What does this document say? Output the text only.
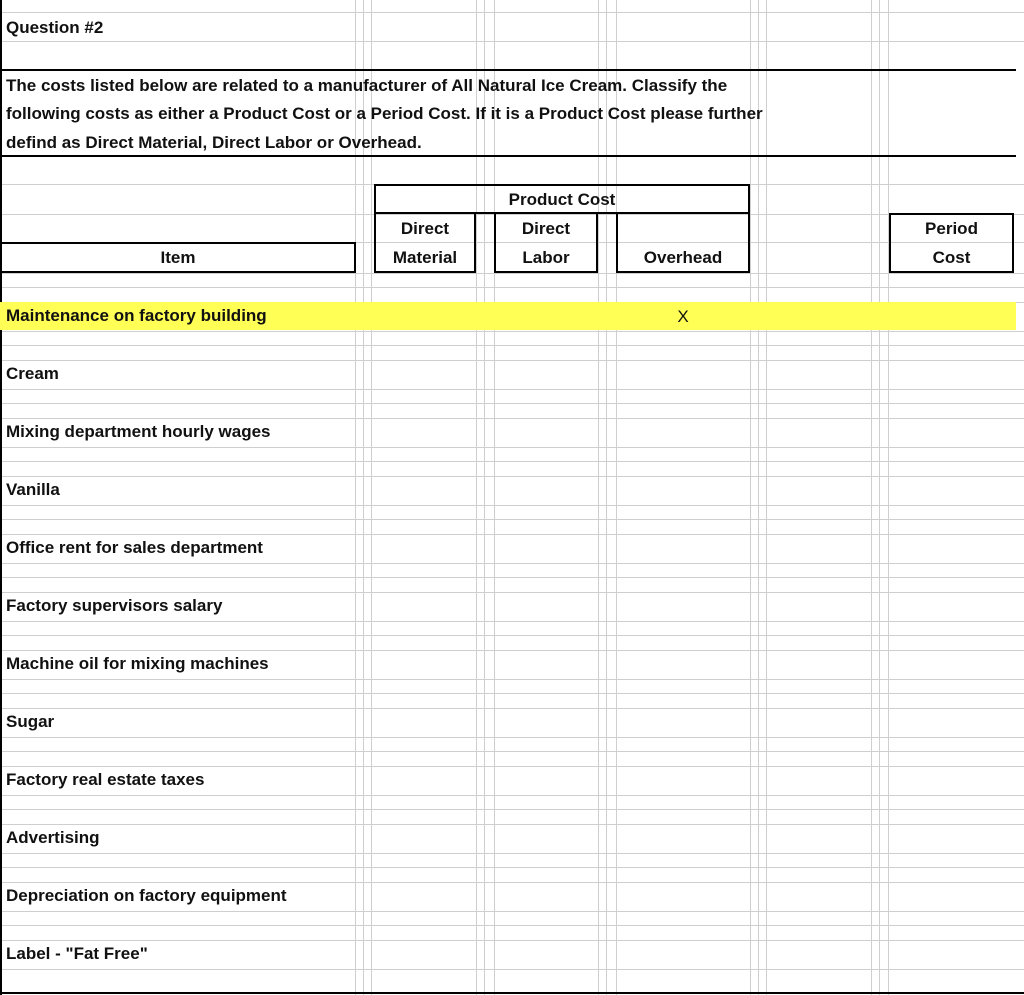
Question #2
The costs listed below are related to a manufacturer of All Natural Ice Cream. Classify the
following costs as either a Product Cost or a Period Cost. If it is a Product Cost please further
defind as Direct Material, Direct Labor or Overhead.
Product Cost
Direct
Material
Direct
Labor	Overhead
Period
Cost
Item
Maintenance on factory building	X
Cream
Mixing department hourly wages
Vanilla
Office rent for sales department
Factory supervisors salary
Machine oil for mixing machines
Sugar
Factory real estate taxes
Advertising
Depreciation on factory equipment
Label - "Fat Free"
